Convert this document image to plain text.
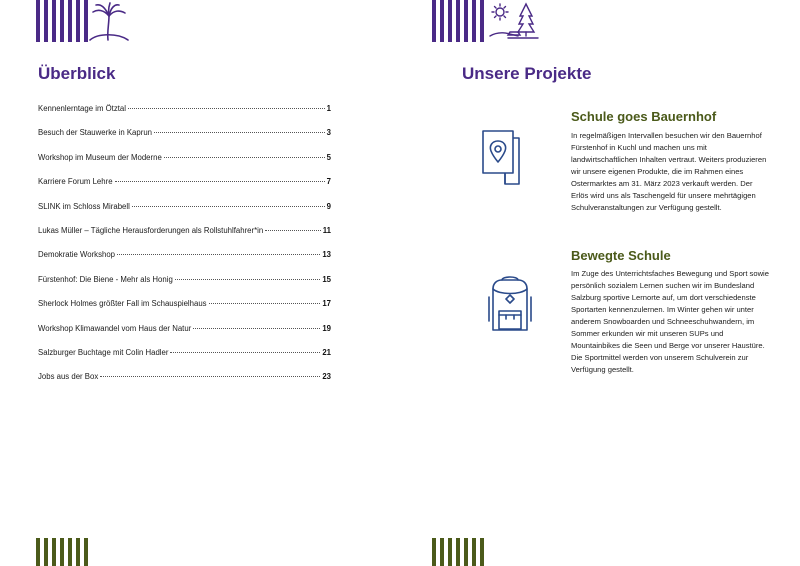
Überblick
Kennenlerntage im Ötztal	1
Besuch der Stauwerke in Kaprun	3
Workshop im Museum der Moderne	5
Karriere Forum Lehre	7
SLINK im Schloss Mirabell	9
Lukas Müller – Tägliche Herausforderungen als Rollstuhlfahrer*in	11
Demokratie Workshop	13
Fürstenhof: Die Biene - Mehr als Honig	15
Sherlock Holmes größter Fall im Schauspielhaus	17
Workshop Klimawandel vom Haus der Natur	19
Salzburger Buchtage mit Colin Hadler	21
Jobs aus der Box	23
Unsere Projekte
Schule goes Bauernhof

In regelmäßigen Intervallen besuchen wir den Bauernhof Fürstenhof in Kuchl und machen uns mit landwirtschaftlichen Inhalten vertraut. Weiters produzieren wir unsere eigenen Produkte, die im Rahmen eines Ostermarktes am 31. März 2023 verkauft werden. Der Erlös wird uns als Taschengeld für unsere mehrtägigen Schulveranstaltungen zur Verfügung gestellt.

Bewegte Schule

Im Zuge des Unterrichtsfaches Bewegung und Sport sowie persönlich sozialem Lernen suchen wir im Bundesland Salzburg sportive Lernorte auf, um dort verschiedenste Sportarten kennenzulernen. Im Winter gehen wir unter anderem Snowboarden und Schneeschuhwandern, im Sommer erkunden wir mit unseren SUPs und Mountainbikes die Seen und Berge vor unserer Haustüre. Die Sportmittel werden von unserem Schulverein zur Verfügung gestellt.
